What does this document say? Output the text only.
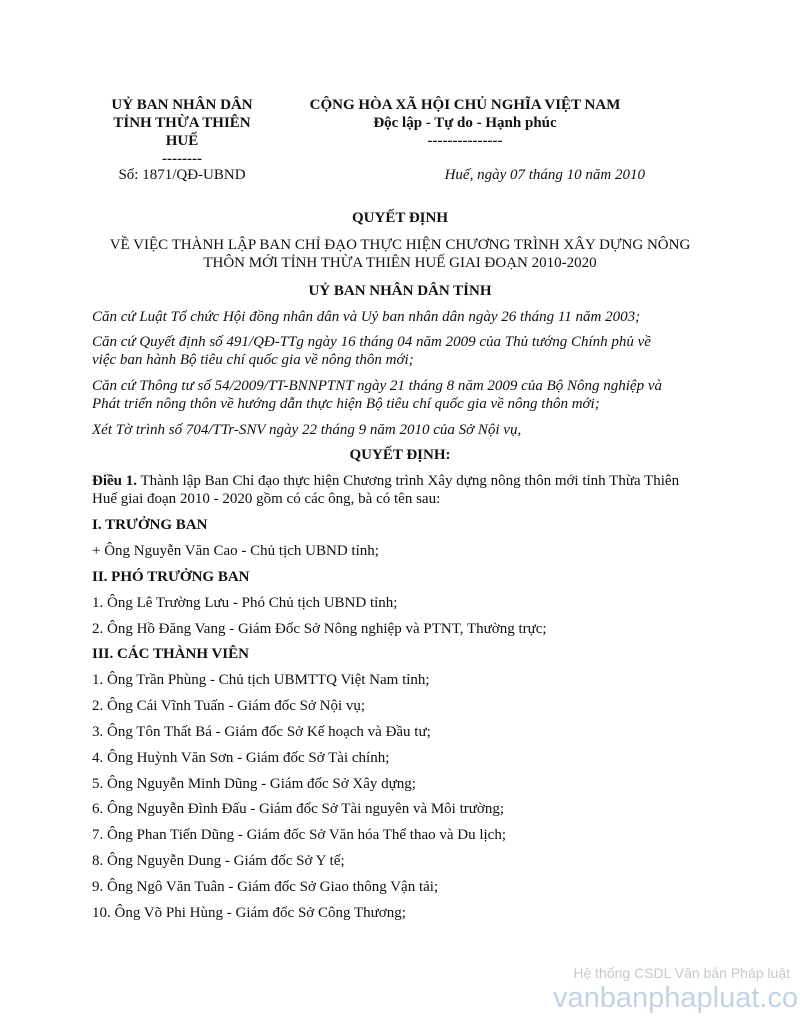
UỶ BAN NHÂN DÂN
TỈNH THỪA THIÊN
HUẾ
--------
CỘNG HÒA XÃ HỘI CHỦ NGHĨA VIỆT NAM
Độc lập - Tự do - Hạnh phúc
---------------
Số: 1871/QĐ-UBND	Huế, ngày 07 tháng 10 năm 2010
QUYẾT ĐỊNH
VỀ VIỆC THÀNH LẬP BAN CHỈ ĐẠO THỰC HIỆN CHƯƠNG TRÌNH XÂY DỰNG NÔNG
THÔN MỚI TỈNH THỪA THIÊN HUẾ GIAI ĐOẠN 2010-2020
UỶ BAN NHÂN DÂN TỈNH
Căn cứ Luật Tổ chức Hội đồng nhân dân và Uỷ ban nhân dân ngày 26 tháng 11 năm 2003;
Căn cứ Quyết định số 491/QĐ-TTg ngày 16 tháng 04 năm 2009 của Thủ tướng Chính phủ về
việc ban hành Bộ tiêu chí quốc gia về nông thôn mới;
Căn cứ Thông tư số 54/2009/TT-BNNPTNT ngày 21 tháng 8 năm 2009 của Bộ Nông nghiệp và
Phát triển nông thôn về hướng dẫn thực hiện Bộ tiêu chí quốc gia về nông thôn mới;
Xét Tờ trình số 704/TTr-SNV ngày 22 tháng 9 năm 2010 của Sở Nội vụ,
QUYẾT ĐỊNH:
Điều 1. Thành lập Ban Chỉ đạo thực hiện Chương trình Xây dựng nông thôn mới tỉnh Thừa Thiên
Huế giai đoạn 2010 - 2020 gồm có các ông, bà có tên sau:
I. TRƯỞNG BAN
+ Ông Nguyễn Văn Cao - Chủ tịch UBND tỉnh;
II. PHÓ TRƯỞNG BAN
1. Ông Lê Trường Lưu - Phó Chủ tịch UBND tỉnh;
2. Ông Hồ Đăng Vang - Giám Đốc Sở Nông nghiệp và PTNT, Thường trực;
III. CÁC THÀNH VIÊN
1. Ông Trần Phùng - Chủ tịch UBMTTQ Việt Nam tỉnh;
2. Ông Cái Vĩnh Tuấn - Giám đốc Sở Nội vụ;
3. Ông Tôn Thất Bá - Giám đốc Sở Kế hoạch và Đầu tư;
4. Ông Huỳnh Văn Sơn - Giám đốc Sở Tài chính;
5. Ông Nguyễn Minh Dũng - Giám đốc Sở Xây dựng;
6. Ông Nguyễn Đình Đấu - Giám đốc Sở Tài nguyên và Môi trường;
7. Ông Phan Tiến Dũng - Giám đốc Sở Văn hóa Thể thao và Du lịch;
8. Ông Nguyễn Dung - Giám đốc Sở Y tế;
9. Ông Ngô Văn Tuân - Giám đốc Sở Giao thông Vận tải;
10. Ông Võ Phi Hùng - Giám đốc Sở Công Thương;
Hệ thống CSDL Văn bản Pháp luật
vanbanphapluat.co
